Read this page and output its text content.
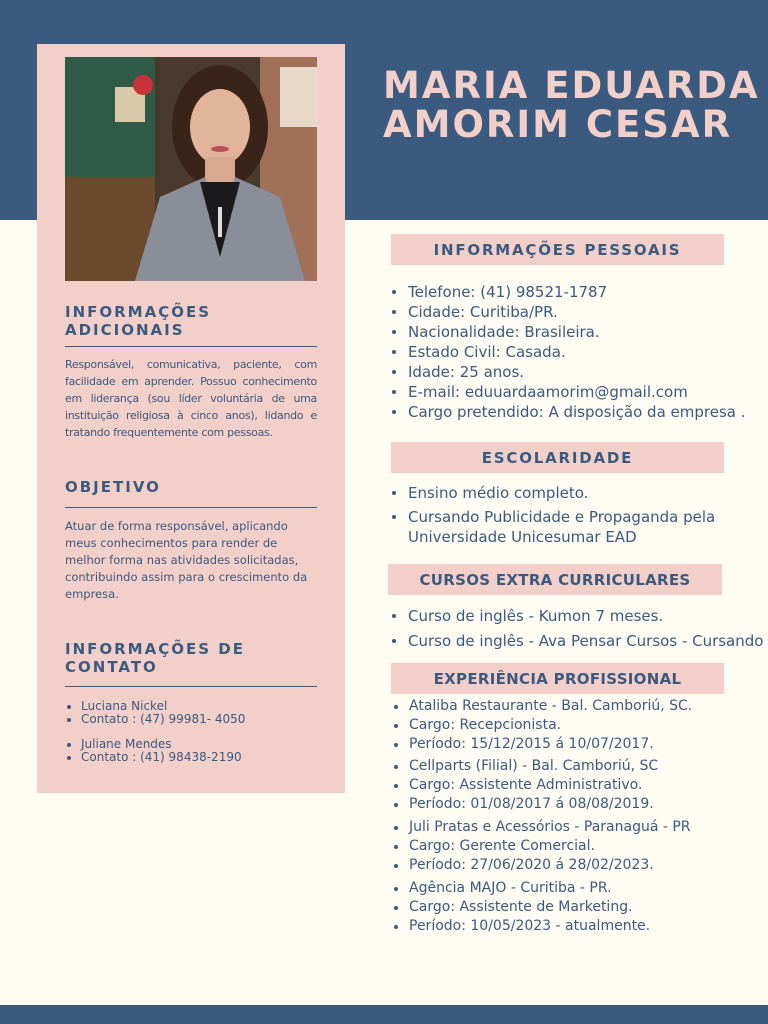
MARIA EDUARDA
AMORIM CESAR
INFORMAÇÕES
ADICIONAIS

Responsável, comunicativa, paciente, com facilidade em aprender. Possuo conhecimento em liderança (sou líder voluntária de uma instituição religiosa à cinco anos), lidando e tratando frequentemente com pessoas.

OBJETIVO

Atuar de forma responsável, aplicando meus conhecimentos para render de melhor forma nas atividades solicitadas, contribuindo assim para o crescimento da empresa.

INFORMAÇÕES DE
CONTATO
Luciana Nickel
Contato : (47) 99981- 4050
Juliane Mendes
Contato : (41) 98438-2190
INFORMAÇÕES PESSOAIS
Telefone: (41) 98521-1787
Cidade: Curitiba/PR.
Nacionalidade: Brasileira.
Estado Civil: Casada.
Idade: 25 anos.
E-mail: eduuardaamorim@gmail.com
Cargo pretendido: A disposição da empresa .
ESCOLARIDADE
Ensino médio completo.
Cursando Publicidade e Propaganda pela Universidade Unicesumar EAD
CURSOS EXTRA CURRICULARES
Curso de inglês - Kumon 7 meses.
Curso de inglês - Ava Pensar Cursos - Cursando
EXPERIÊNCIA PROFISSIONAL
Ataliba Restaurante - Bal. Camboriú, SC.
Cargo: Recepcionista.
Período: 15/12/2015 á 10/07/2017.
Cellparts (Filial) - Bal. Camboriú, SC
Cargo: Assistente Administrativo.
Período: 01/08/2017 á 08/08/2019.
Juli Pratas e Acessórios - Paranaguá - PR
Cargo: Gerente Comercial.
Período: 27/06/2020 á 28/02/2023.
Agência MAJO - Curitiba - PR.
Cargo: Assistente de Marketing.
Período: 10/05/2023 - atualmente.
